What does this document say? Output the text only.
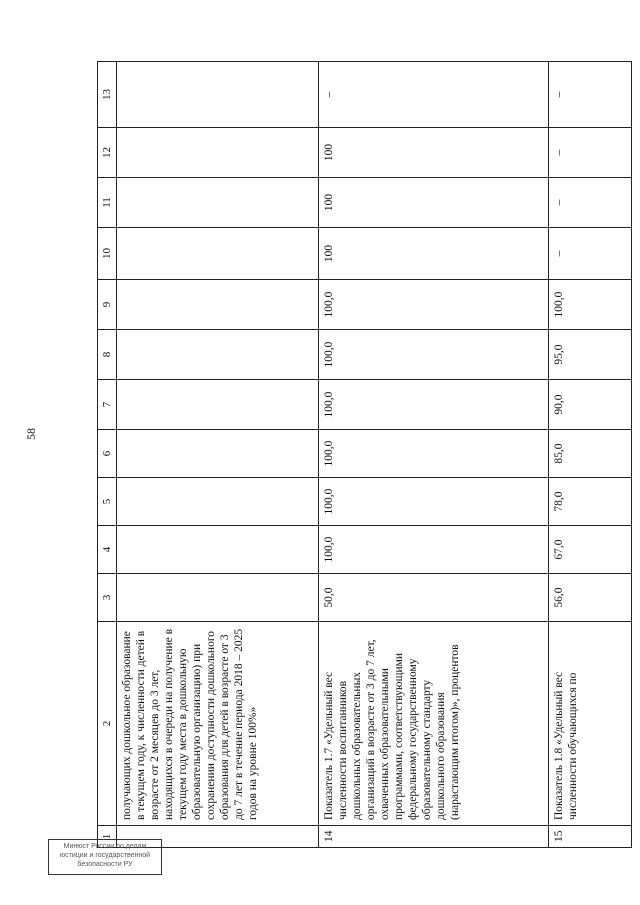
58
1	2	3	4	5	6	7	8	9	10	11	12	13
	получающих дошкольное образование в текущем году, к численности детей в возрасте от 2 месяцев до 3 лет, находящихся в очереди на получение в текущем году места в дошкольную образовательную организацию) при сохранении доступности дошкольного образования для детей в возрасте от 3 до 7 лет в течение периода 2018 – 2025 годов на уровне 100%»											
14	Показатель 1.7 «Удельный вес численности воспитанников дошкольных образовательных организаций в возрасте от 3 до 7 лет, охваченных образовательными программами, соответствующими федеральному государственному образовательному стандарту дошкольного образования (нарастающим итогом)», процентов	50,0	100,0	100,0	100,0	100,0	100,0	100,0	100	100	100	–
15	Показатель 1.8 «Удельный вес численности обучающихся по	56,0	67,0	78,0	85,0	90,0	95,0	100,0	–	–	–	–
Минюст России по делам
юстиции и государственной
безопасности РУ
